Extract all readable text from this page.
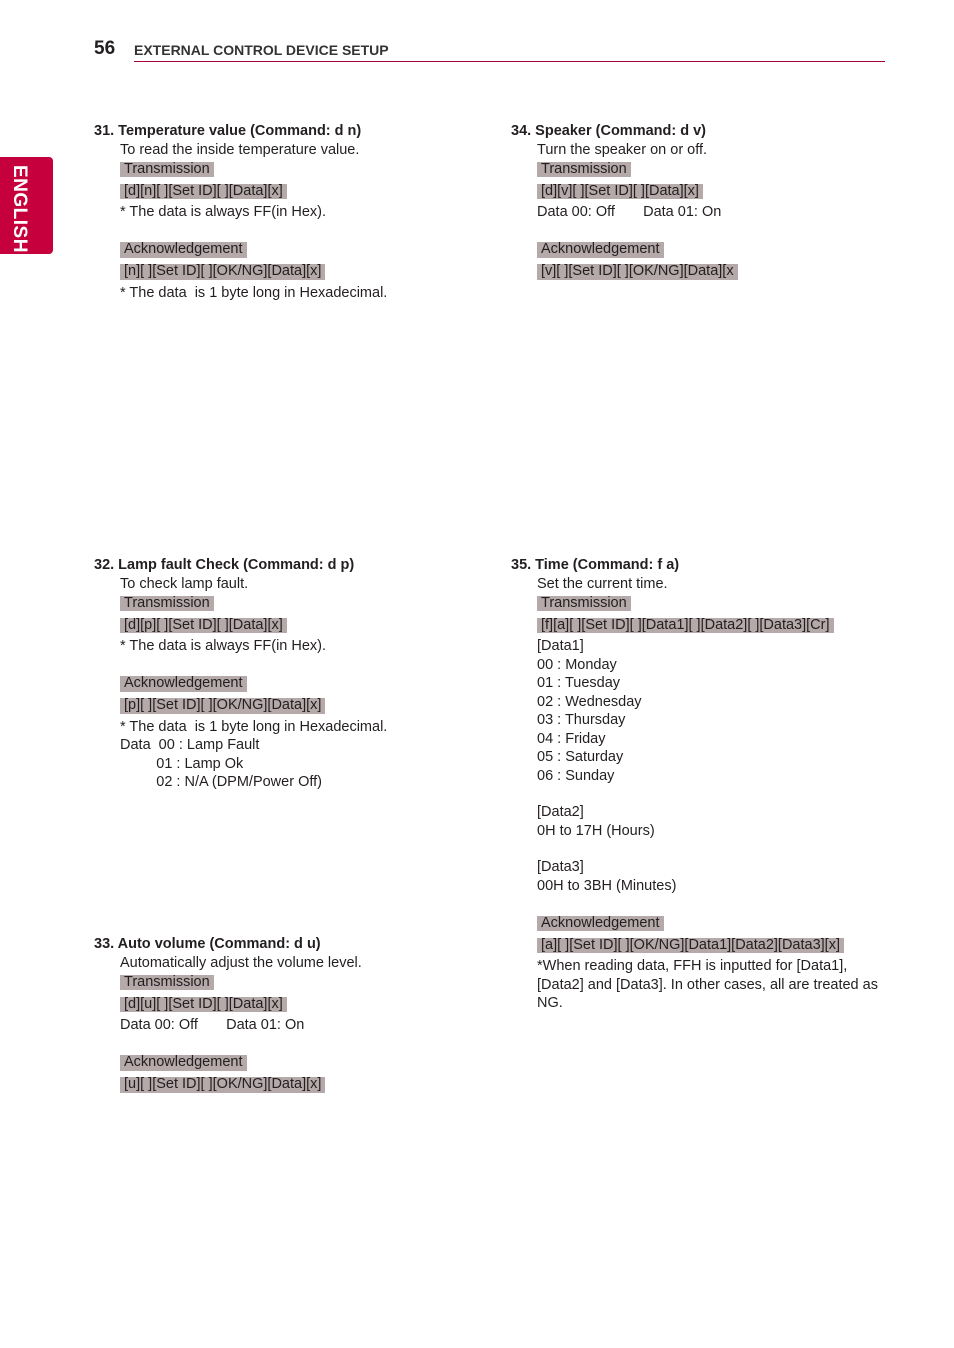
56 EXTERNAL CONTROL DEVICE SETUP
ENGLISH
31. Temperature value (Command: d n)
To read the inside temperature value.
Transmission
[d][n][ ][Set ID][ ][Data][x]
* The data is always FF(in Hex).
Acknowledgement
[n][ ][Set ID][ ][OK/NG][Data][x]
* The data  is 1 byte long in Hexadecimal.
32. Lamp fault Check (Command: d p)
To check lamp fault.
Transmission
[d][p][ ][Set ID][ ][Data][x]
* The data is always FF(in Hex).
Acknowledgement
[p][ ][Set ID][ ][OK/NG][Data][x]
* The data  is 1 byte long in Hexadecimal.
Data  00 : Lamp Fault
01 : Lamp Ok
02 : N/A (DPM/Power Off)
33. Auto volume (Command: d u)
Automatically adjust the volume level.
Transmission
[d][u][ ][Set ID][ ][Data][x]
Data 00: Off       Data 01: On
Acknowledgement
[u][ ][Set ID][ ][OK/NG][Data][x]
34. Speaker (Command: d v)
Turn the speaker on or off.
Transmission
[d][v][ ][Set ID][ ][Data][x]
Data 00: Off       Data 01: On
Acknowledgement
[v][ ][Set ID][ ][OK/NG][Data][x
35. Time (Command: f a)
Set the current time.
Transmission
[f][a][ ][Set ID][ ][Data1][ ][Data2][ ][Data3][Cr]
[Data1]
00 : Monday
01 : Tuesday
02 : Wednesday
03 : Thursday
04 : Friday
05 : Saturday
06 : Sunday
[Data2]
0H to 17H (Hours)
[Data3]
00H to 3BH (Minutes)
Acknowledgement
[a][ ][Set ID][ ][OK/NG][Data1][Data2][Data3][x]
*When reading data, FFH is inputted for [Data1], [Data2] and [Data3]. In other cases, all are treated as NG.
